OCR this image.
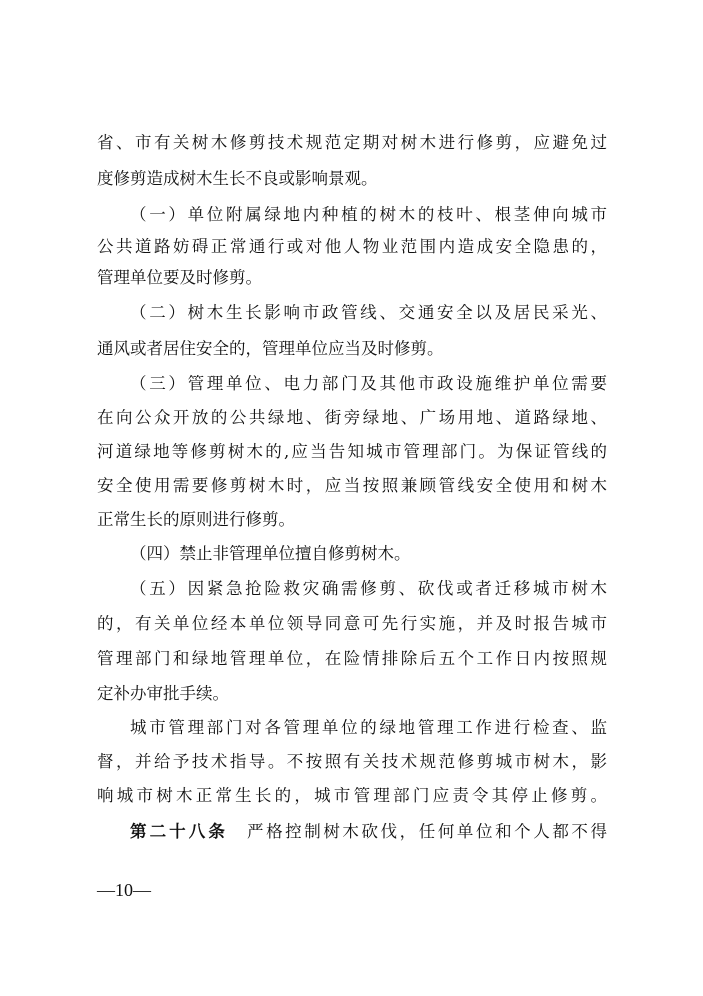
省、市有关树木修剪技术规范定期对树木进行修剪，应避免过
度修剪造成树木生长不良或影响景观。
（一）单位附属绿地内种植的树木的枝叶、根茎伸向城市
公共道路妨碍正常通行或对他人物业范围内造成安全隐患的，
管理单位要及时修剪。
（二）树木生长影响市政管线、交通安全以及居民采光、
通风或者居住安全的，管理单位应当及时修剪。
（三）管理单位、电力部门及其他市政设施维护单位需要
在向公众开放的公共绿地、街旁绿地、广场用地、道路绿地、
河道绿地等修剪树木的,应当告知城市管理部门。为保证管线的
安全使用需要修剪树木时，应当按照兼顾管线安全使用和树木
正常生长的原则进行修剪。
（四）禁止非管理单位擅自修剪树木。
（五）因紧急抢险救灾确需修剪、砍伐或者迁移城市树木
的，有关单位经本单位领导同意可先行实施，并及时报告城市
管理部门和绿地管理单位，在险情排除后五个工作日内按照规
定补办审批手续。
城市管理部门对各管理单位的绿地管理工作进行检查、监
督，并给予技术指导。不按照有关技术规范修剪城市树木，影
响城市树木正常生长的，城市管理部门应责令其停止修剪。
第二十八条　 严格控制树木砍伐，任何单位和个人都不得
—10—
